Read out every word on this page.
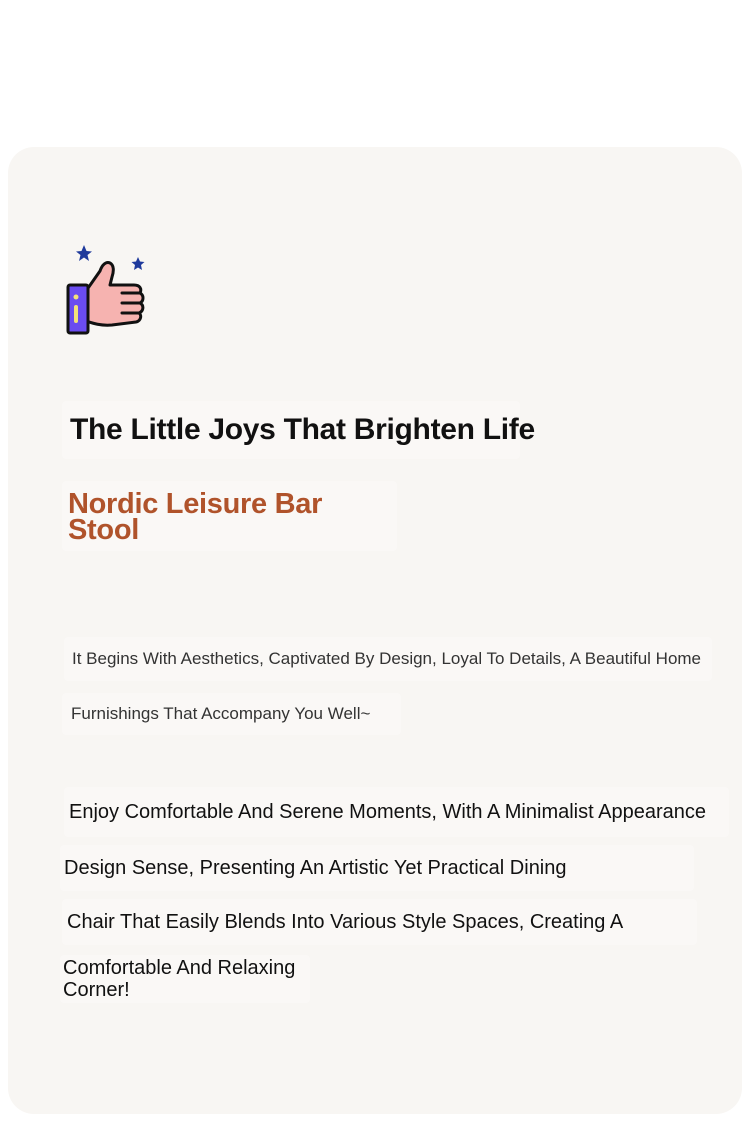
The Little Joys That Brighten Life
Nordic Leisure Bar Stool
It Begins With Aesthetics, Captivated By Design, Loyal To Details, A Beautiful Home
Furnishings That Accompany You Well~
Enjoy Comfortable And Serene Moments, With A Minimalist Appearance
Design Sense, Presenting An Artistic Yet Practical Dining
Chair That Easily Blends Into Various Style Spaces, Creating A
Comfortable And Relaxing Corner!
